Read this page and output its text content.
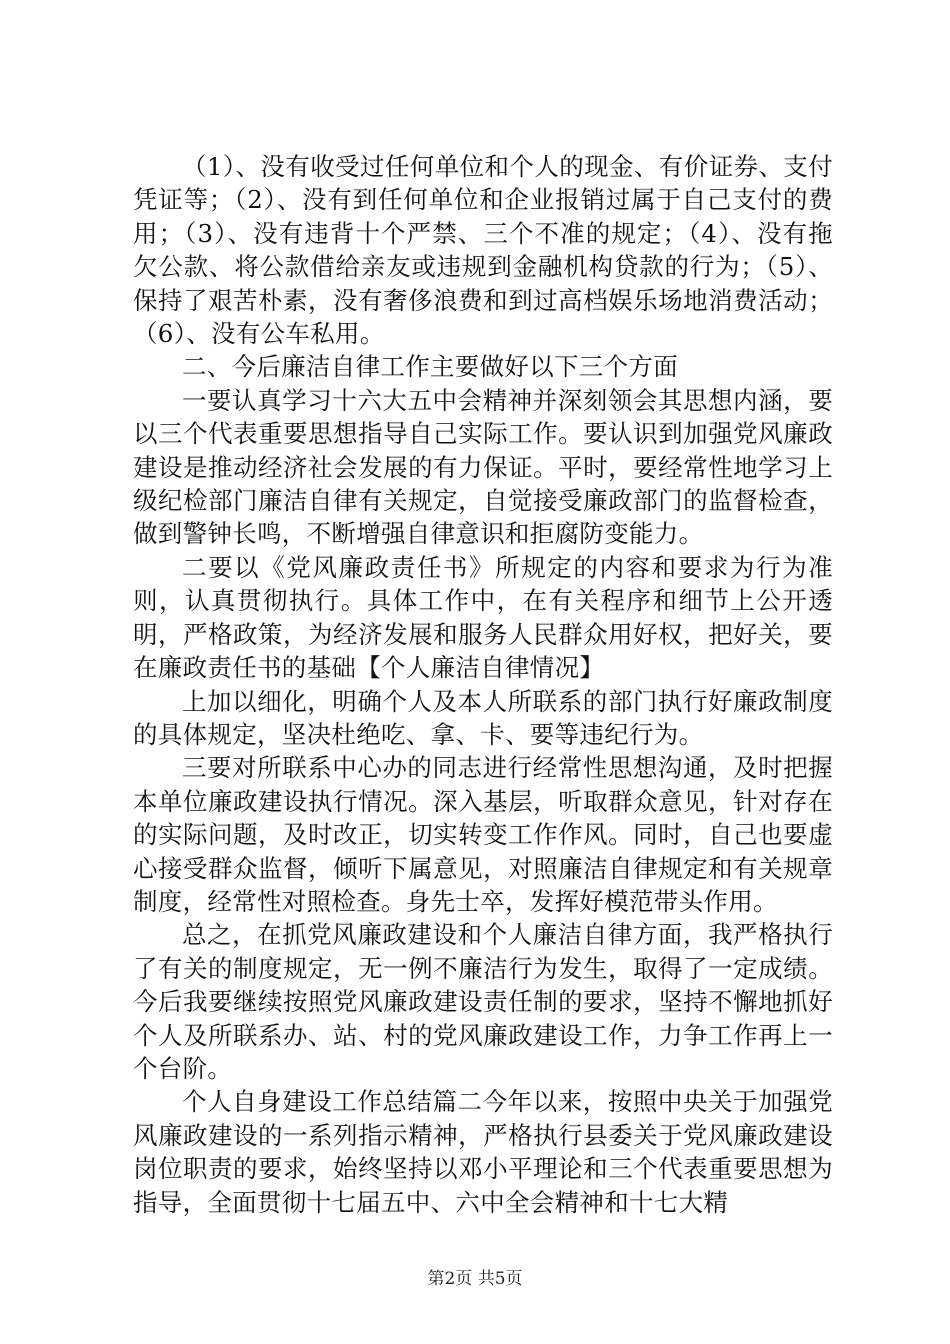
（1）、没有收受过任何单位和个人的现金、有价证券、支付凭证等；（2）、没有到任何单位和企业报销过属于自己支付的费用；（3）、没有违背十个严禁、三个不准的规定；（4）、没有拖欠公款、将公款借给亲友或违规到金融机构贷款的行为；（5）、保持了艰苦朴素，没有奢侈浪费和到过高档娱乐场地消费活动；（6）、没有公车私用。

二、今后廉洁自律工作主要做好以下三个方面

一要认真学习十六大五中会精神并深刻领会其思想内涵，要以三个代表重要思想指导自己实际工作。要认识到加强党风廉政建设是推动经济社会发展的有力保证。平时，要经常性地学习上级纪检部门廉洁自律有关规定，自觉接受廉政部门的监督检查，做到警钟长鸣，不断增强自律意识和拒腐防变能力。

二要以《党风廉政责任书》所规定的内容和要求为行为准则，认真贯彻执行。具体工作中，在有关程序和细节上公开透明，严格政策，为经济发展和服务人民群众用好权，把好关，要在廉政责任书的基础【个人廉洁自律情况】

上加以细化，明确个人及本人所联系的部门执行好廉政制度的具体规定，坚决杜绝吃、拿、卡、要等违纪行为。

三要对所联系中心办的同志进行经常性思想沟通，及时把握本单位廉政建设执行情况。深入基层，听取群众意见，针对存在的实际问题，及时改正，切实转变工作作风。同时，自己也要虚心接受群众监督，倾听下属意见，对照廉洁自律规定和有关规章制度，经常性对照检查。身先士卒，发挥好模范带头作用。

总之，在抓党风廉政建设和个人廉洁自律方面，我严格执行了有关的制度规定，无一例不廉洁行为发生，取得了一定成绩。今后我要继续按照党风廉政建设责任制的要求，坚持不懈地抓好个人及所联系办、站、村的党风廉政建设工作，力争工作再上一个台阶。

个人自身建设工作总结篇二今年以来，按照中央关于加强党风廉政建设的一系列指示精神，严格执行县委关于党风廉政建设岗位职责的要求，始终坚持以邓小平理论和三个代表重要思想为指导，全面贯彻十七届五中、六中全会精神和十七大精

第2页 共5页
